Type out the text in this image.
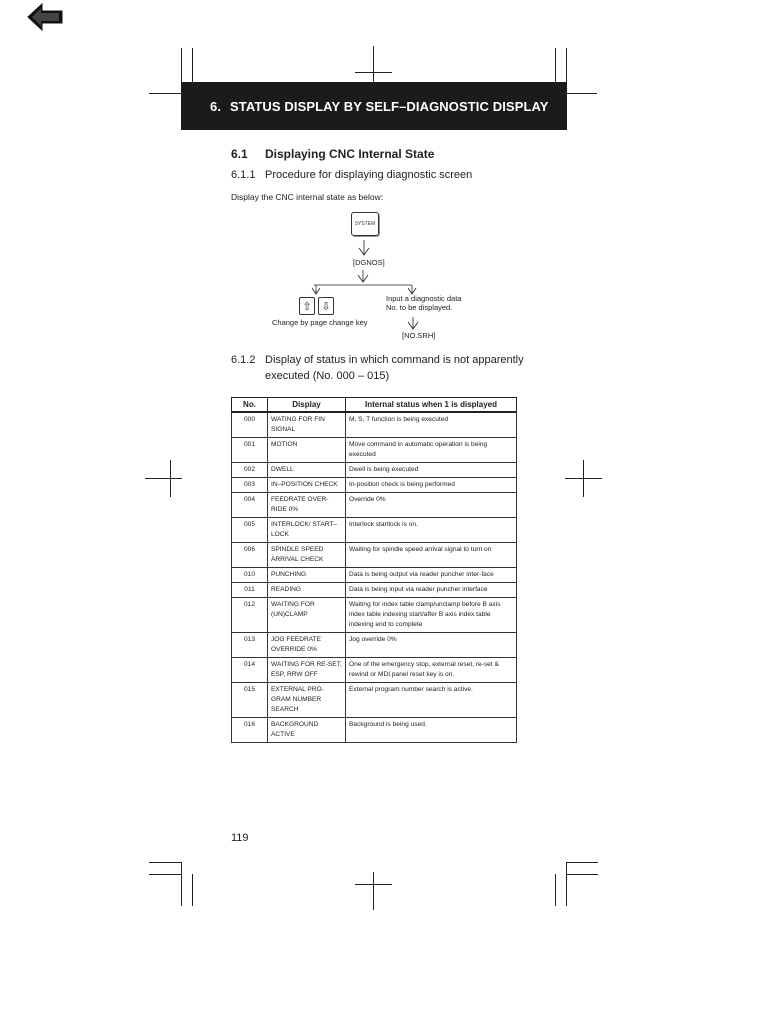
6. STATUS DISPLAY BY SELF–DIAGNOSTIC DISPLAY
6.1 Displaying CNC Internal State
6.1.1 Procedure for displaying diagnostic screen
Display the CNC internal state as below:
SYSTEM
[DGNOS]
⇧ ⇩
Input a diagnostic data
No. to be displayed.
Change by page change key
[NO.SRH]
6.1.2 Display of status in which command is not apparently
executed (No. 000 – 015)
No.	Display	Internal status when 1 is displayed
000	WATING FOR FIN SIGNAL	M, S, T function is being executed
001	MOTION	Move command in automatic operation is being executed
002	DWELL	Dwell is being executed
003	IN–POSITION CHECK	In-position check is being performed
004	FEEDRATE OVER-RIDE 0%	Override 0%
005	INTERLOCK/ START–LOCK	Interlock startlock is on.
006	SPINDLE SPEED ARRIVAL CHECK	Waiting for spindle speed arrival signal to turn on
010	PUNCHING	Data is being output via reader puncher inter-face
011	READING	Data is being input via reader puncher interface
012	WAITING FOR (UN)CLAMP	Waiting for index table clamp/unclamp before B axis index table indexing start/after B axis index table indexing end to complete
013	JOG FEEDRATE OVERRIDE 0%	Jog override 0%
014	WAITING FOR RE-SET, ESP, RRW OFF	One of the emergency stop, external reset, re-set & rewind or MDI panel reset key is on.
015	EXTERNAL PRO-GRAM NUMBER SEARCH	External program number search is active.
016	BACKGROUND ACTIVE	Background is being used.
119
